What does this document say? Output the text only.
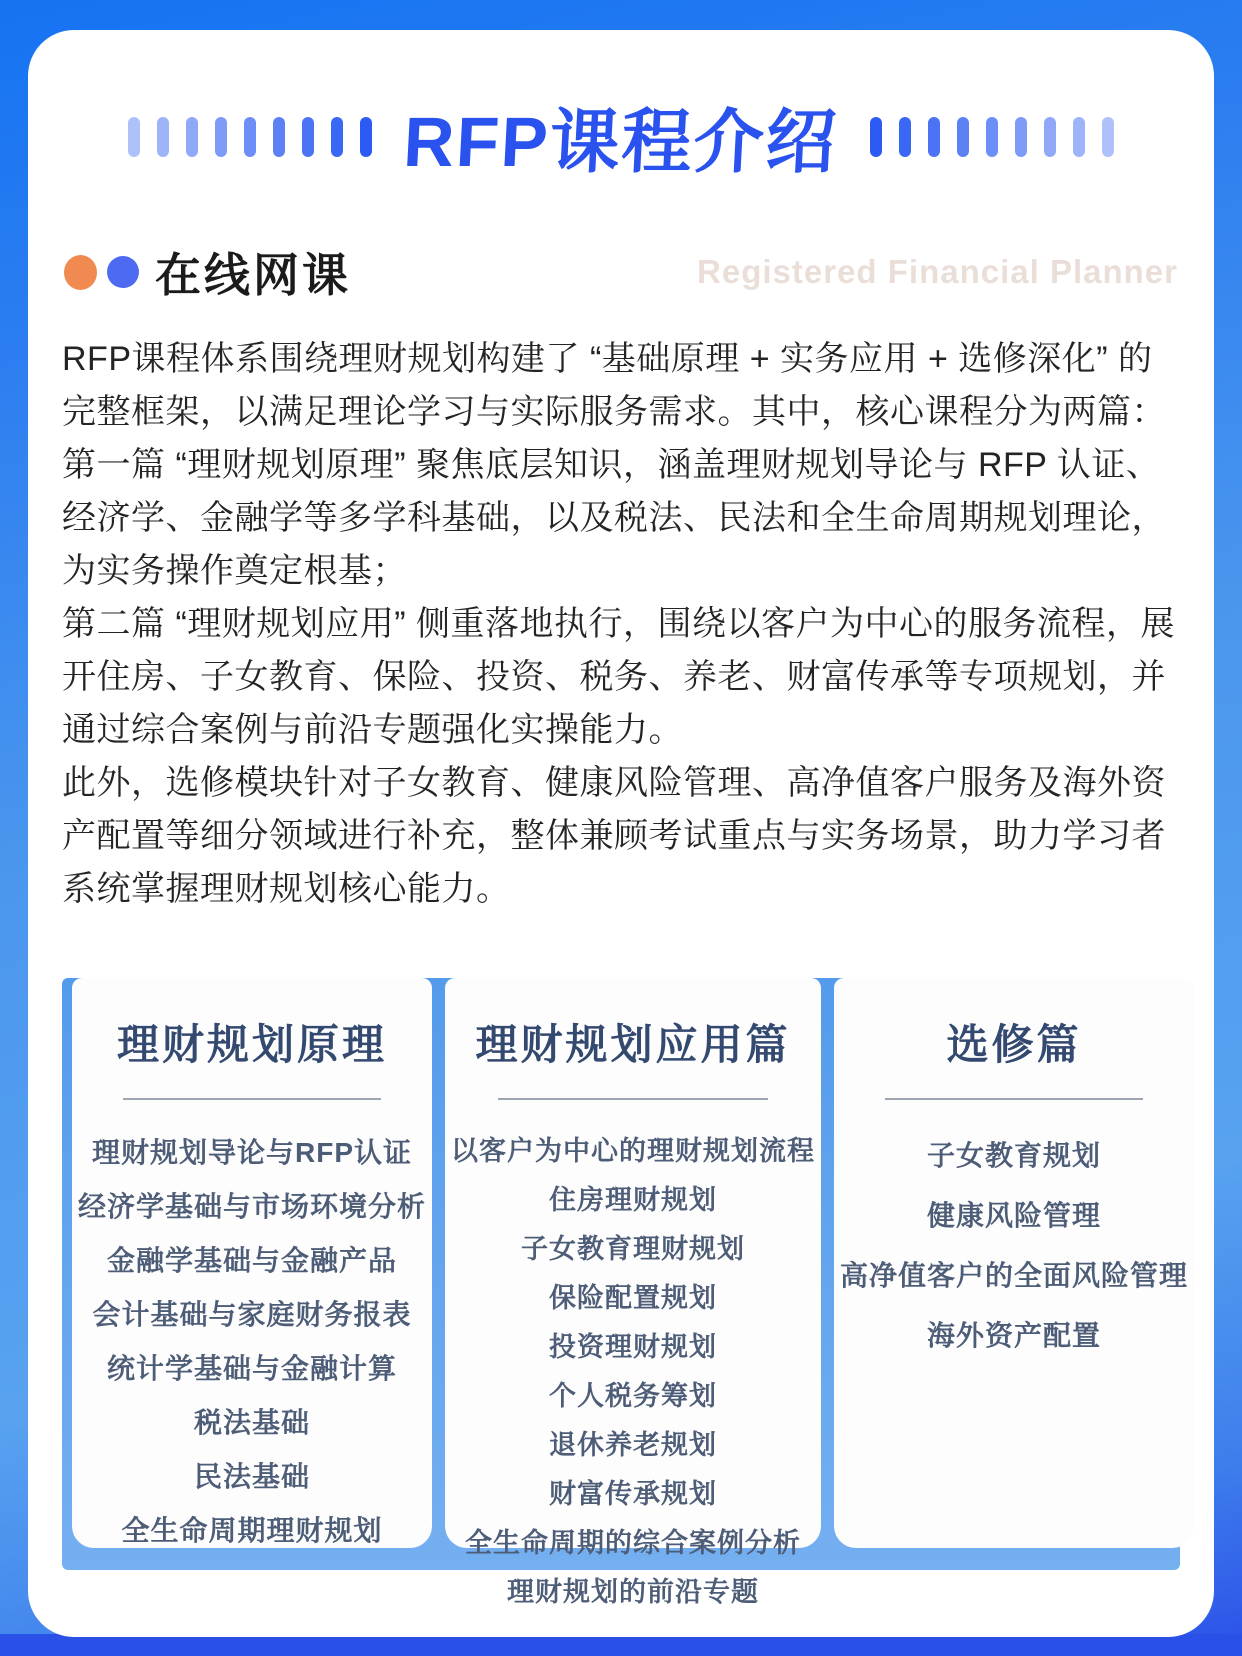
RFP课程介绍
在线网课	Registered Financial Planner

RFP课程体系围绕理财规划构建了 “基础原理 + 实务应用 + 选修深化” 的完整框架，以满足理论学习与实际服务需求。其中，核心课程分为两篇：

第一篇 “理财规划原理” 聚焦底层知识，涵盖理财规划导论与 RFP 认证、经济学、金融学等多学科基础，以及税法、民法和全生命周期规划理论，为实务操作奠定根基；

第二篇 “理财规划应用” 侧重落地执行，围绕以客户为中心的服务流程，展开住房、子女教育、保险、投资、税务、养老、财富传承等专项规划，并通过综合案例与前沿专题强化实操能力。

此外，选修模块针对子女教育、健康风险管理、高净值客户服务及海外资产配置等细分领域进行补充，整体兼顾考试重点与实务场景，助力学习者系统掌握理财规划核心能力。

理财规划原理
理财规划导论与RFP认证
经济学基础与市场环境分析
金融学基础与金融产品
会计基础与家庭财务报表
统计学基础与金融计算
税法基础
民法基础
全生命周期理财规划
理财规划应用篇
以客户为中心的理财规划流程
住房理财规划
子女教育理财规划
保险配置规划
投资理财规划
个人税务筹划
退休养老规划
财富传承规划
全生命周期的综合案例分析
理财规划的前沿专题
选修篇
子女教育规划
健康风险管理
高净值客户的全面风险管理
海外资产配置
